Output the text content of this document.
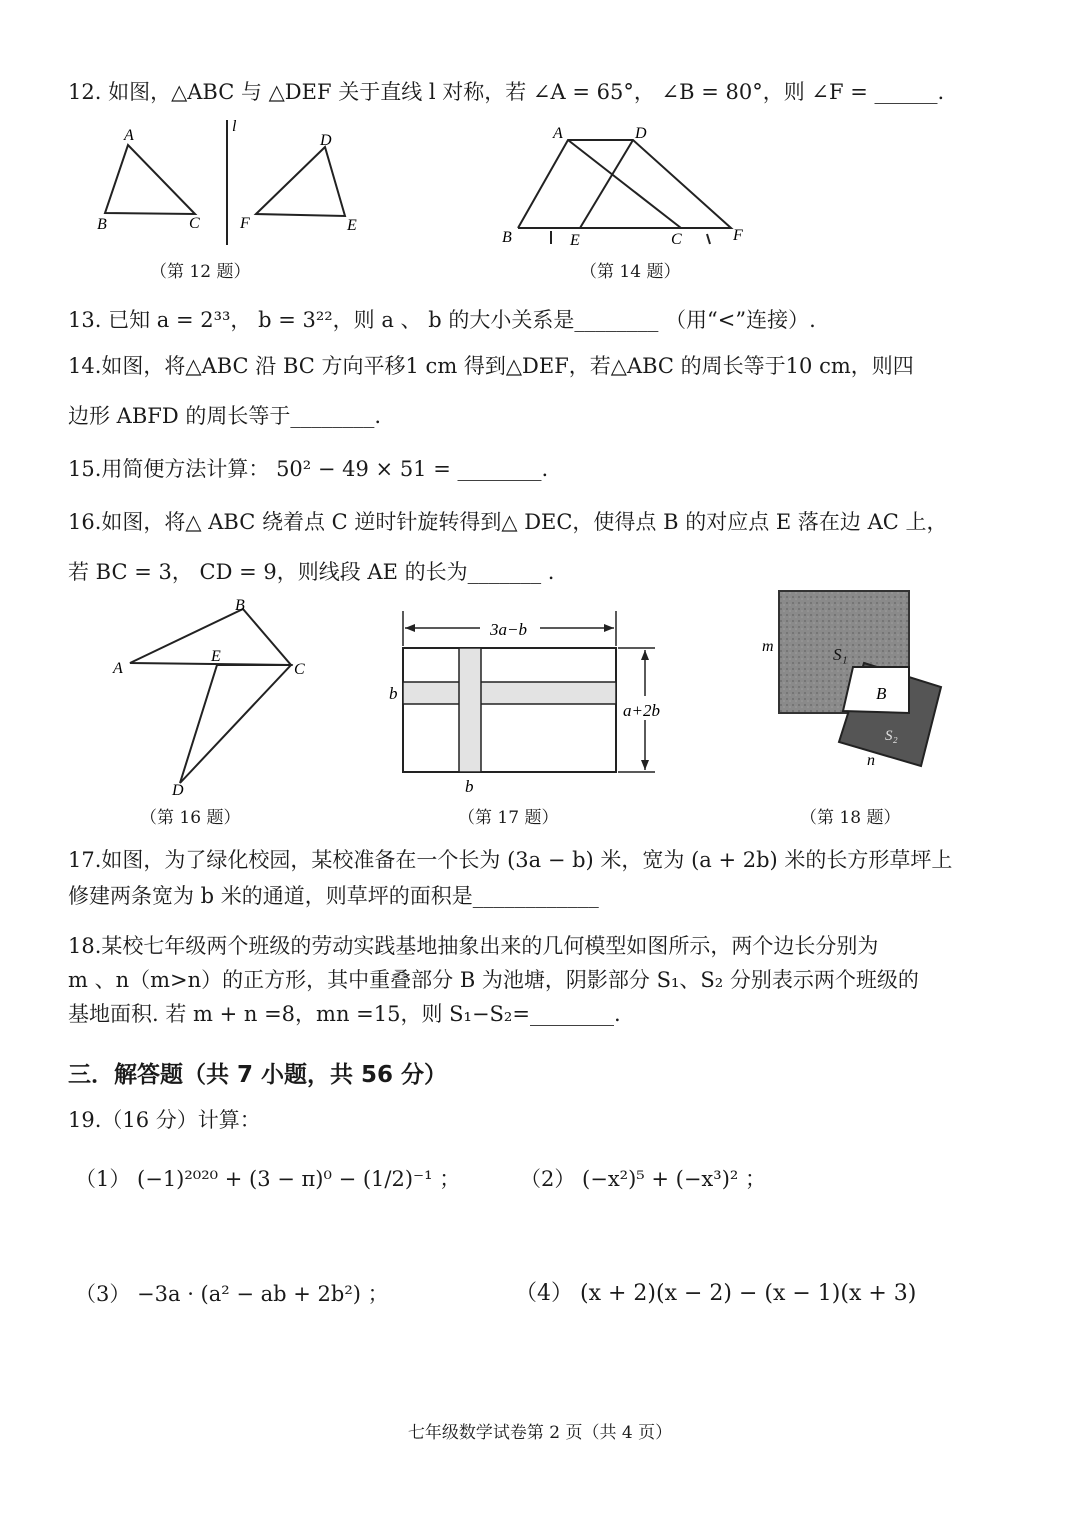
12. 如图，△ABC 与 △DEF 关于直线 l 对称，若 ∠A = 65°， ∠B = 80°，则 ∠F = ______.
A
B	C
l
D
F	E
（第 12 题）
A	D
B	E	C	F
（第 14 题）
13. 已知 a = 2³³， b = 3²²，则 a 、 b 的大小关系是________ （用“<”连接）.
14.如图，将△ABC 沿 BC 方向平移1 cm 得到△DEF，若△ABC 的周长等于10 cm，则四
边形 ABFD 的周长等于________.
15.用简便方法计算： 50² − 49 × 51 = ________.
16.如图，将△ ABC 绕着点 C 逆时针旋转得到△ DEC，使得点 B 的对应点 E 落在边 AC 上，
若 BC = 3， CD = 9，则线段 AE 的长为_______ .
A
B
C
E
D
（第 16 题）
3a−b
b
a+2b
b
（第 17 题）
m	S₁
B
S₂
n
（第 18 题）
17.如图，为了绿化校园，某校准备在一个长为 (3a − b) 米，宽为 (a + 2b) 米的长方形草坪上
修建两条宽为 b 米的通道，则草坪的面积是____________
18.某校七年级两个班级的劳动实践基地抽象出来的几何模型如图所示，两个边长分别为
m 、n（m>n）的正方形，其中重叠部分 B 为池塘，阴影部分 S₁、S₂ 分别表示两个班级的
基地面积. 若 m + n =8，mn =15，则 S₁−S₂=________.
三．解答题（共 7 小题，共 56 分）
19.（16 分）计算：
（1） (−1)²⁰²⁰ + (3 − π)⁰ − (1/2)⁻¹ ；	（2） (−x²)⁵ + (−x³)² ；
（3） −3a · (a² − ab + 2b²) ；	（4） (x + 2)(x − 2) − (x − 1)(x + 3)
七年级数学试卷第 2 页（共 4 页）
